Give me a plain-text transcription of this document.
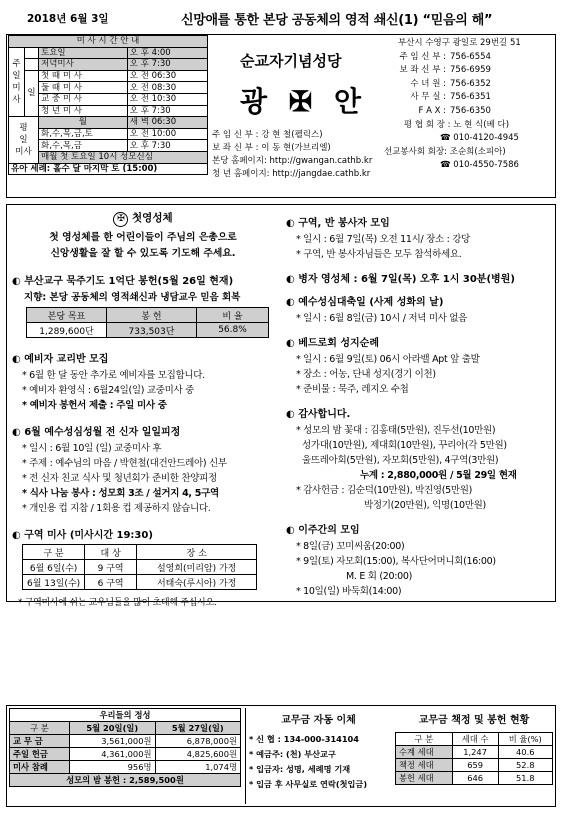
2018년 6월 3일	신망애를 통한 본당 공동체의 영적 쇄신(1) “믿음의 해”
미 사 시 간 안 내			
주
일
미
사		토요일	오 후 4:00
		저녁미사	오 후 7:30
	일	첫 때 미 사	오 전 06:30
		둘 때 미 사	오 전 08:30
		교 중 미 사	오 전 10:30
		청 년 미 사	오 후 7:30
평
일
미사		월	새 벽 06:30
		화,수,목,금,토	오 전 10:00
		화,수,목,금	오 후 7:30
		매월 첫 토요일 10시 성모신심	
유아 세례: 홀수 달 마지막 토 (15:00)			
순교자기념성당
광 ✠ 안
주 임 신 부 : 강 현 철(펠릭스)
보 좌 신 부 : 이 동 현(가브리엘)
본당 홈페이지: http://gwangan.cathb.kr
청 년 홈페이지: http://jangdae.cathb.kr
부산시 수영구 광일로 29번길 51
주 임 신 부 : 756-6554
보 좌 신 부 : 756-6959
수 녀 원 : 756-6352
사 무 실 : 756-6351
F A X : 756-6350
평 협 회 장 : 노 현 식(베 다)
☎ 010-4120-4945
선교봉사회 회장: 조순희(소피아)
☎ 010-4550-7586
✠ 첫영성체
첫 영성체를 한 어린이들이 주님의 은총으로
신앙생활을 잘 할 수 있도록 기도해 주세요.
◐ 부산교구 묵주기도 1억단 봉헌(5월 26일 현재)
지향: 본당 공동체의 영적쇄신과 냉담교우 믿음 회복
본당 목표	봉 헌	비 율
1,289,600단	733,503단	56.8%
◐ 예비자 교리반 모집
* 6월 한 달 동안 추가로 예비자를 모집합니다.
* 예비자 환영식 : 6월24일(일) 교중미사 중
* 예비자 봉헌서 제출 : 주일 미사 중
◐ 6월 예수성심성월 전 신자 일일피정
* 일시 : 6월 10일 (일) 교중미사 후
* 주제 : 예수님의 마음 / 박현철(대건안드레아) 신부
* 전 신자 친교 식사 및 청년회가 준비한 찬양피정
* 식사 나눔 봉사 : 성모회 3조 / 설거지 4, 5구역
* 개인용 컵 지참 / 1회용 컵 제공하지 않습니다.
◐ 구역 미사 (미사시간 19:30)
구 분	대 상	장 소
6월 6일(수)	9 구역	설영희(미리암) 가정
6월 13일(수)	6 구역	서태숙(루시아) 가정
* 구역미사에 쉬는 교우님들을 많이 초대해 주십시오.
◐ 구역, 반 봉사자 모임
* 일시 : 6월 7일(목) 오전 11시/ 장소 : 강당
* 구역, 반 봉사자님들은 모두 참석하세요.
◐ 병자 영성체 : 6월 7일(목) 오후 1시 30분(병원)
◐ 예수성심대축일 (사제 성화의 날)
* 일시 : 6월 8일(금) 10시 / 저녁 미사 없음
◐ 베드로회 성지순례
* 일시 : 6월 9일(토) 06시 아라밸 Apt 앞 출발
* 장소 : 어농, 단내 성지(경기 이천)
* 준비물 : 묵주, 레지오 수첩
◐ 감사합니다.
* 성모의 밤 꽃대 : 김홍태(5만원), 진두선(10만원)
성가대(10만원), 제대회(10만원), 꾸리아(각 5만원)
울뜨레아회(5만원), 자모회(5만원), 4구역(3만원)
누계 : 2,880,000원 / 5월 29일 현재
* 감사헌금 : 김순덕(10만원), 박진영(5만원)
박정기(20만원), 익명(10만원)
◐ 이주간의 모임
* 8일(금) 꼬미씨움(20:00)
* 9일(토) 자모회(15:00), 복사단어머니회(16:00)
M. E 회 (20:00)
* 10일(일) 바둑회(14:00)
우리들의 정성		
구 분	5월 20일(일)	5월 27일(일)
교 무 금	3,561,000원	6,878,000원
주일 헌금	4,361,000원	4,825,600원
미사 참례	956명	1,074명
성모의 밤 봉헌 : 2,589,500원		
교무금 자동 이체
* 신 협 : 134-000-314104
* 예금주: (천) 부산교구
* 입금자: 성명, 세례명 기재
* 입금 후 사무실로 연락(첫입금)
교무금 책정 및 봉헌 현황
구 분	세대 수	비 율(%)
수계 세대	1,247	40.6
책정 세대	659	52.8
봉헌 세대	646	51.8
